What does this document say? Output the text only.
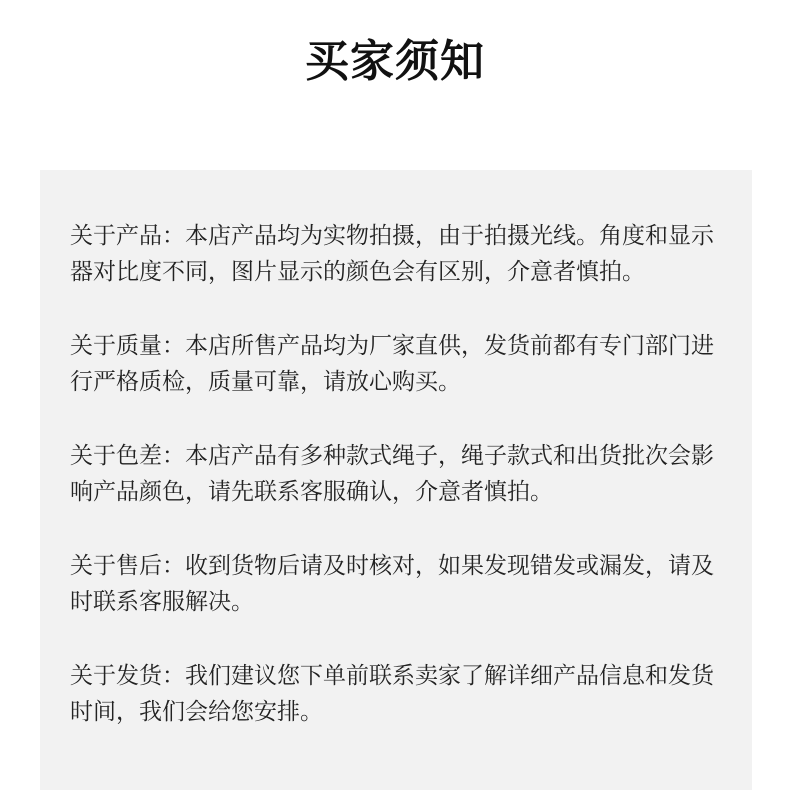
买家须知

关于产品：本店产品均为实物拍摄，由于拍摄光线。角度和显示器对比度不同，图片显示的颜色会有区别，介意者慎拍。

关于质量：本店所售产品均为厂家直供，发货前都有专门部门进行严格质检，质量可靠，请放心购买。

关于色差：本店产品有多种款式绳子，绳子款式和出货批次会影响产品颜色，请先联系客服确认，介意者慎拍。

关于售后：收到货物后请及时核对，如果发现错发或漏发，请及时联系客服解决。

关于发货：我们建议您下单前联系卖家了解详细产品信息和发货时间，我们会给您安排。
